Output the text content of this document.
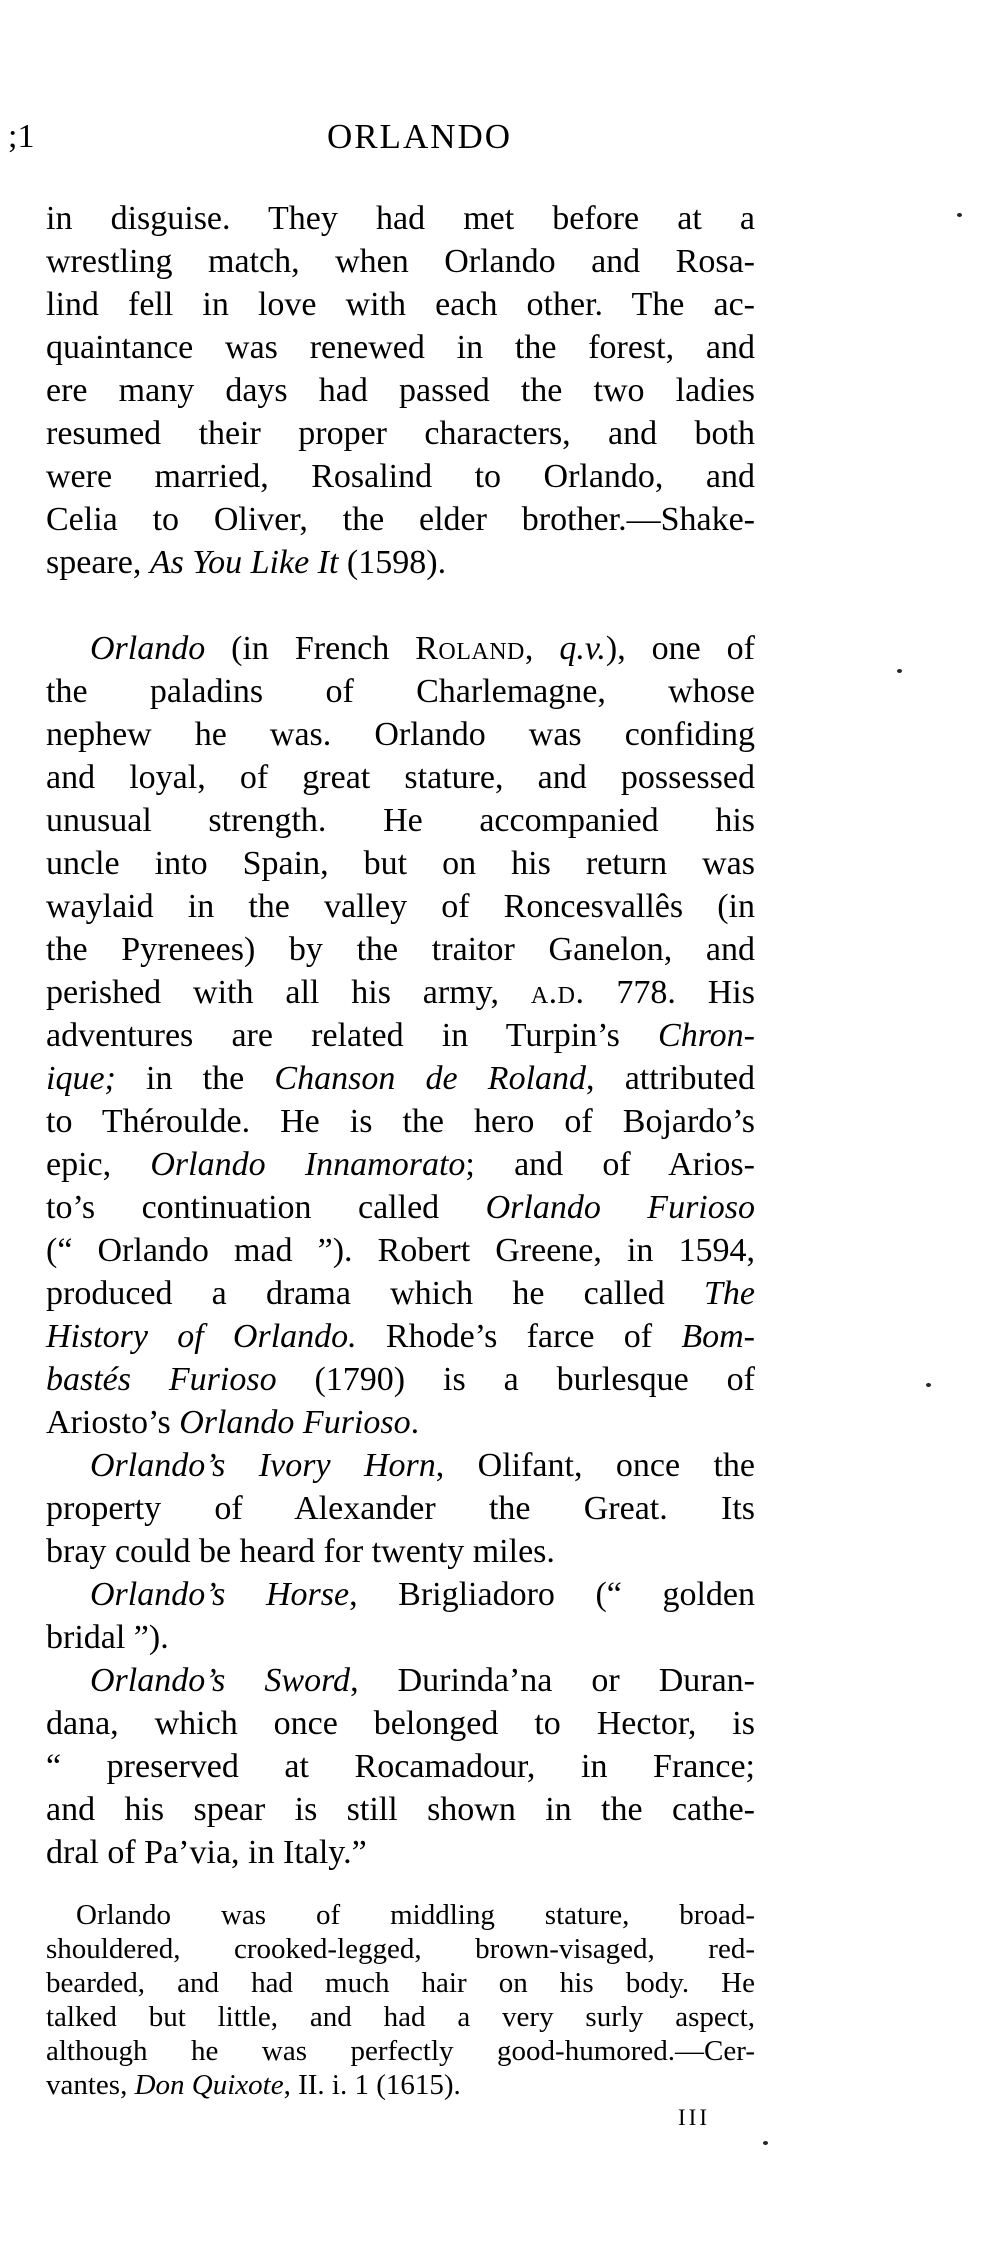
;1	ORLANDO
in disguise. They had met before at a
wrestling match, when Orlando and Rosa-
lind fell in love with each other. The ac-
quaintance was renewed in the forest, and
ere many days had passed the two ladies
resumed their proper characters, and both
were married, Rosalind to Orlando, and
Celia to Oliver, the elder brother.—Shake-
speare, As You Like It (1598).
Orlando (in French Roland, q.v.), one of
the paladins of Charlemagne, whose
nephew he was. Orlando was confiding
and loyal, of great stature, and possessed
unusual strength. He accompanied his
uncle into Spain, but on his return was
waylaid in the valley of Roncesvallês (in
the Pyrenees) by the traitor Ganelon, and
perished with all his army, a.d. 778. His
adventures are related in Turpin’s Chron-
ique; in the Chanson de Roland, attributed
to Théroulde. He is the hero of Bojardo’s
epic, Orlando Innamorato; and of Arios-
to’s continuation called Orlando Furioso
(“ Orlando mad ”). Robert Greene, in 1594,
produced a drama which he called The
History of Orlando. Rhode’s farce of Bom-
bastés Furioso (1790) is a burlesque of
Ariosto’s Orlando Furioso.
Orlando’s Ivory Horn, Olifant, once the
property of Alexander the Great. Its
bray could be heard for twenty miles.
Orlando’s Horse, Brigliadoro (“ golden
bridal ”).
Orlando’s Sword, Durinda’na or Duran-
dana, which once belonged to Hector, is
“ preserved at Rocamadour, in France;
and his spear is still shown in the cathe-
dral of Pa’via, in Italy.”
Orlando was of middling stature, broad-
shouldered, crooked-legged, brown-visaged, red-
bearded, and had much hair on his body. He
talked but little, and had a very surly aspect,
although he was perfectly good-humored.—Cer-
vantes, Don Quixote, II. i. 1 (1615).
III
